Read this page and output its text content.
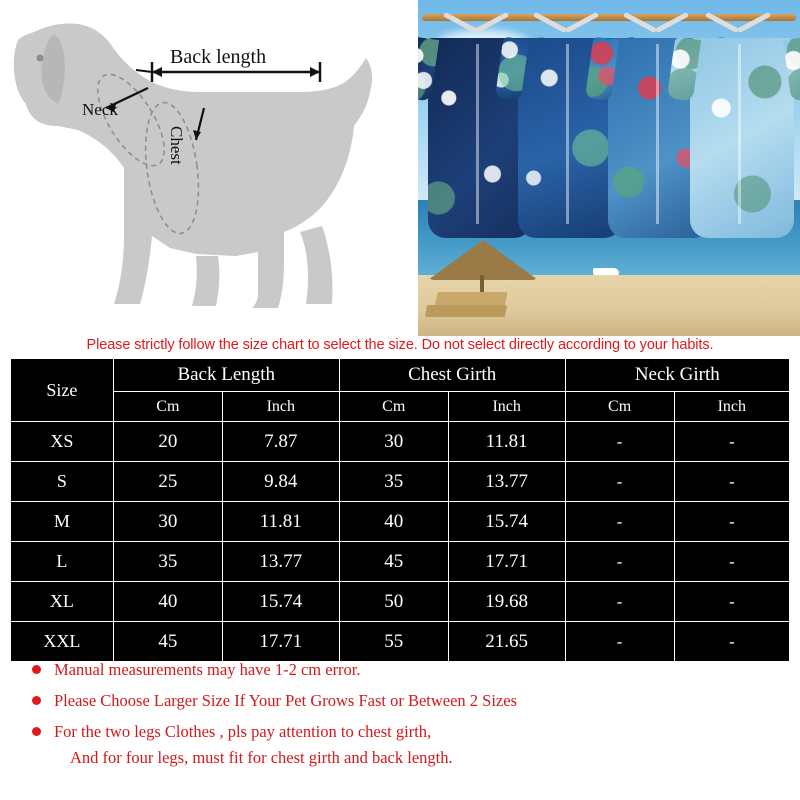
Back length
Neck
Chest
Please strictly follow the size chart to select the size. Do not select directly according to your habits.
Size	Back Length		Chest Girth		Neck Girth	
	Cm	Inch	Cm	Inch	Cm	Inch
XS	20	7.87	30	11.81	-	-
S	25	9.84	35	13.77	-	-
M	30	11.81	40	15.74	-	-
L	35	13.77	45	17.71	-	-
XL	40	15.74	50	19.68	-	-
XXL	45	17.71	55	21.65	-	-

Manual measurements may have 1-2 cm error.

Please Choose Larger Size If Your Pet Grows Fast or Between 2 Sizes

For the two legs Clothes , pls pay attention to chest girth,

And for four legs, must fit for chest girth and back length.
